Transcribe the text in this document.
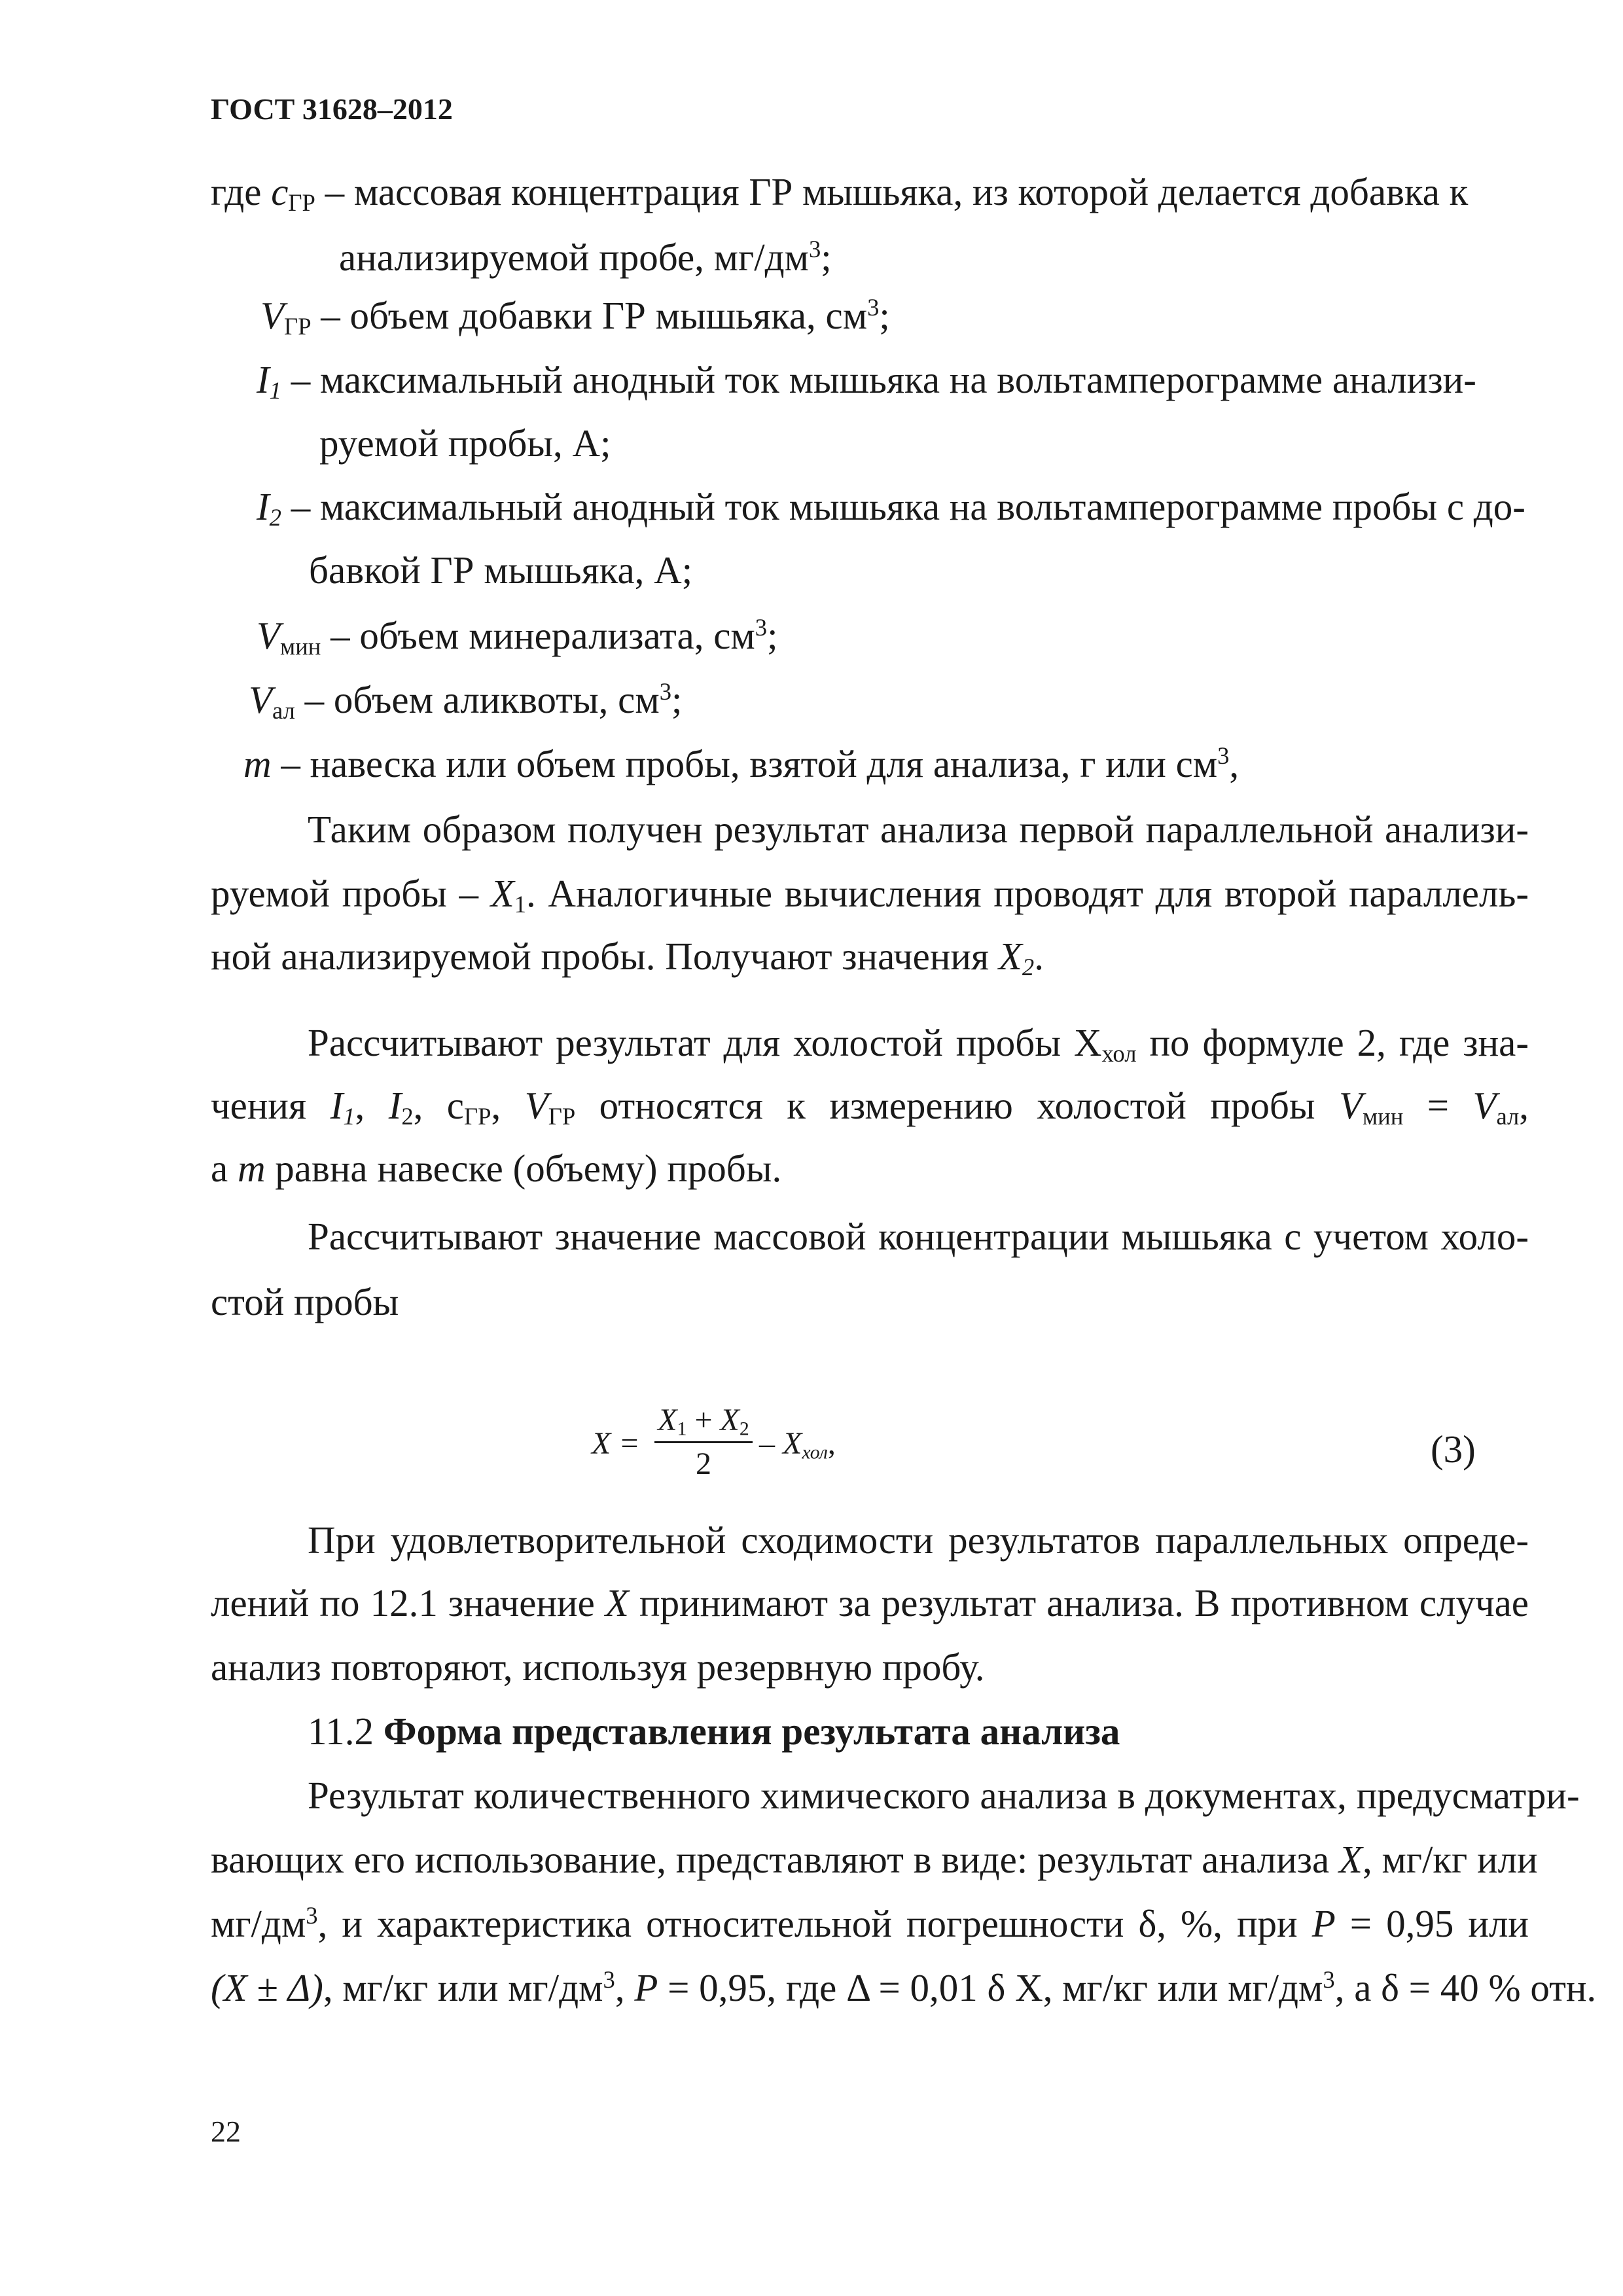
ГОСТ 31628–2012
где $c_{ГР}$ – массовая концентрация ГР мышьяка, из которой делается добавка к
анализируемой пробе, $мг/дм^3$;
$V_{ГР}$ – объем добавки ГР мышьяка, $см^3$;
$I_1$ – максимальный анодный ток мышьяка на вольтамперограмме анализи-
руемой пробы, А;
$I_2$ – максимальный анодный ток мышьяка на вольтамперограмме пробы с до-
бавкой ГР мышьяка, А;
$V_{мин}$ – объем минерализата, $см^3$;
$V_{ал}$ – объем аликвоты, $см^3$;
m – навеска или объем пробы, взятой для анализа, г или $см^3$,
Таким образом получен результат анализа первой параллельной анализи-
руемой пробы – $X_1$. Аналогичные вычисления проводят для второй параллель-
ной анализируемой пробы. Получают значения $X_2$.
Рассчитывают результат для холостой пробы $Х_{хол}$ по формуле 2, где зна-
чения $I_1$, $I_2$, $с_{ГР}$, $V_{ГР}$ относятся к измерению холостой пробы $V_{мин} = V_{ал}$,
а m равна навеске (объему) пробы.
Рассчитывают значение массовой концентрации мышьяка с учетом холо-
стой пробы
X =
$X_1 + X_2$
2
– $X_{хол}$,	(3)
При удовлетворительной сходимости результатов параллельных опреде-
лений по 12.1 значение X принимают за результат анализа. В противном случае
анализ повторяют, используя резервную пробу.
11.2 Форма представления результата анализа
Результат количественного химического анализа в документах, предусматри-
вающих его использование, представляют в виде: результат анализа X, мг/кг или
$мг/дм^3$, и характеристика относительной погрешности δ, %, при P = 0,95 или
(X ± Δ), мг/кг или $мг/дм^3$, P = 0,95, где Δ = 0,01 δ Х, мг/кг или $мг/дм^3$, а δ = 40 % отн.
22
